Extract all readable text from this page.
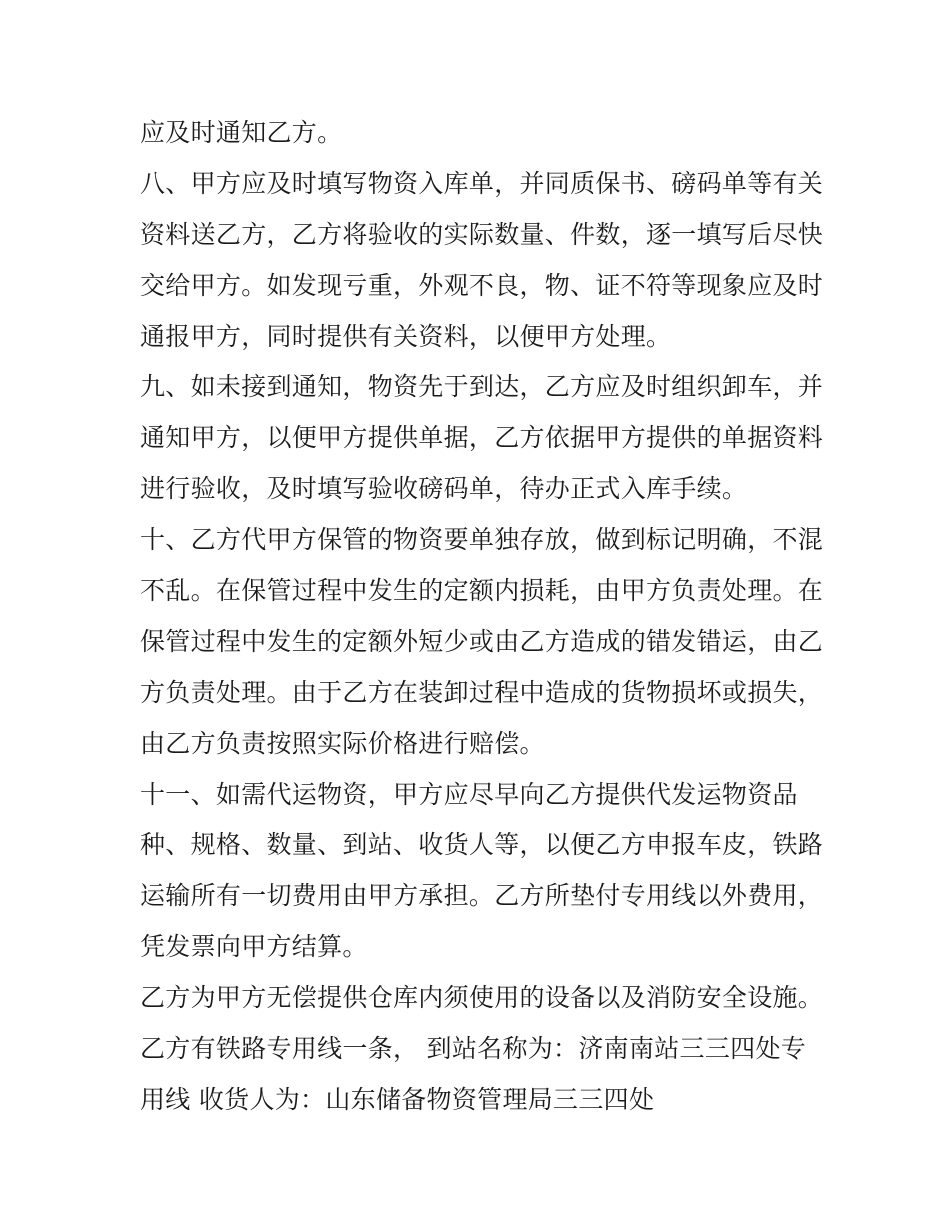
应及时通知乙方。
八、甲方应及时填写物资入库单，并同质保书、磅码单等有关
资料送乙方，乙方将验收的实际数量、件数，逐一填写后尽快
交给甲方。如发现亏重，外观不良，物、证不符等现象应及时
通报甲方，同时提供有关资料，以便甲方处理。
九、如未接到通知，物资先于到达，乙方应及时组织卸车，并
通知甲方，以便甲方提供单据，乙方依据甲方提供的单据资料
进行验收，及时填写验收磅码单，待办正式入库手续。
十、乙方代甲方保管的物资要单独存放，做到标记明确，不混
不乱。在保管过程中发生的定额内损耗，由甲方负责处理。在
保管过程中发生的定额外短少或由乙方造成的错发错运，由乙
方负责处理。由于乙方在装卸过程中造成的货物损坏或损失，
由乙方负责按照实际价格进行赔偿。
十一、如需代运物资，甲方应尽早向乙方提供代发运物资品
种、规格、数量、到站、收货人等，以便乙方申报车皮，铁路
运输所有一切费用由甲方承担。乙方所垫付专用线以外费用，
凭发票向甲方结算。
乙方为甲方无偿提供仓库内须使用的设备以及消防安全设施。
乙方有铁路专用线一条， 到站名称为：济南南站三三四处专
用线 收货人为：山东储备物资管理局三三四处
